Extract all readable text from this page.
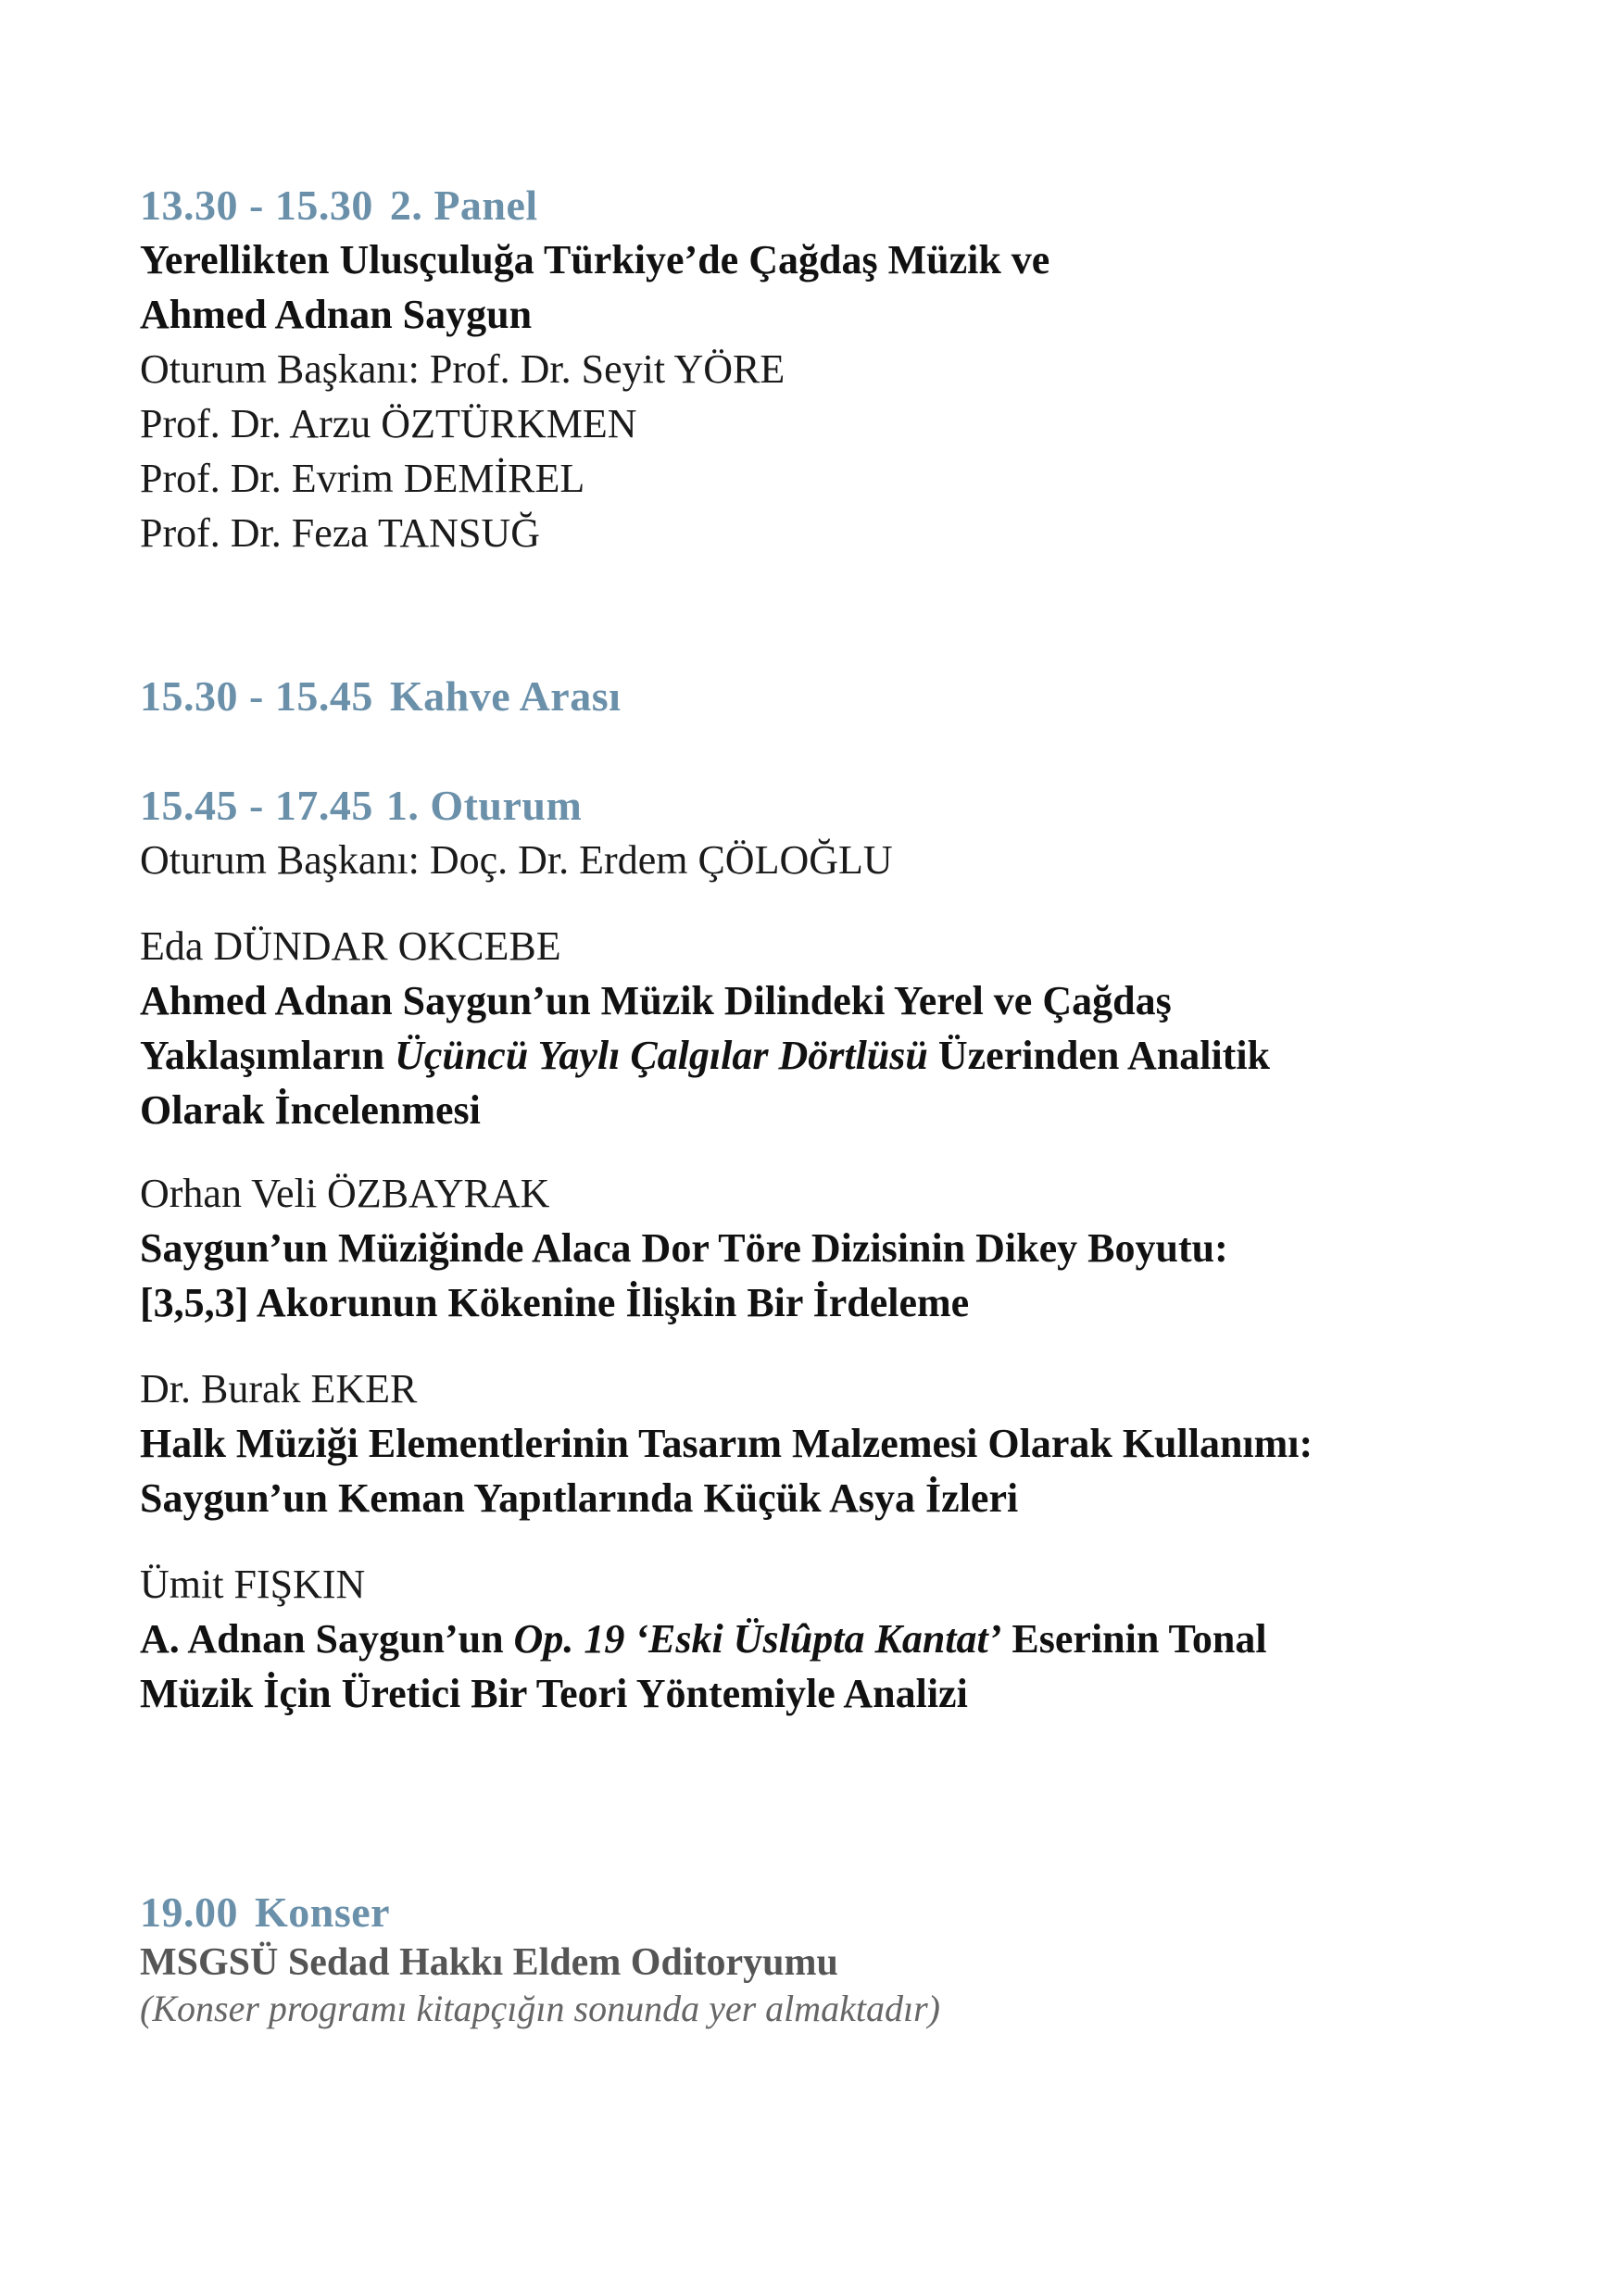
13.30 - 15.30 2. Panel
Yerellikten Ulusçuluğa Türkiye’de Çağdaş Müzik ve
Ahmed Adnan Saygun
Oturum Başkanı: Prof. Dr. Seyit YÖRE
Prof. Dr. Arzu ÖZTÜRKMEN
Prof. Dr. Evrim DEMİREL
Prof. Dr. Feza TANSUĞ
15.30 - 15.45 Kahve Arası
15.45 - 17.45 1. Oturum
Oturum Başkanı: Doç. Dr. Erdem ÇÖLOĞLU
Eda DÜNDAR OKCEBE
Ahmed Adnan Saygun’un Müzik Dilindeki Yerel ve Çağdaş
Yaklaşımların Üçüncü Yaylı Çalgılar Dörtlüsü Üzerinden Analitik
Olarak İncelenmesi
Orhan Veli ÖZBAYRAK
Saygun’un Müziğinde Alaca Dor Töre Dizisinin Dikey Boyutu:
[3,5,3] Akorunun Kökenine İlişkin Bir İrdeleme
Dr. Burak EKER
Halk Müziği Elementlerinin Tasarım Malzemesi Olarak Kullanımı:
Saygun’un Keman Yapıtlarında Küçük Asya İzleri
Ümit FIŞKIN
A. Adnan Saygun’un Op. 19 ‘Eski Üslûpta Kantat’ Eserinin Tonal
Müzik İçin Üretici Bir Teori Yöntemiyle Analizi
19.00 Konser
MSGSÜ Sedad Hakkı Eldem Oditoryumu
(Konser programı kitapçığın sonunda yer almaktadır)
